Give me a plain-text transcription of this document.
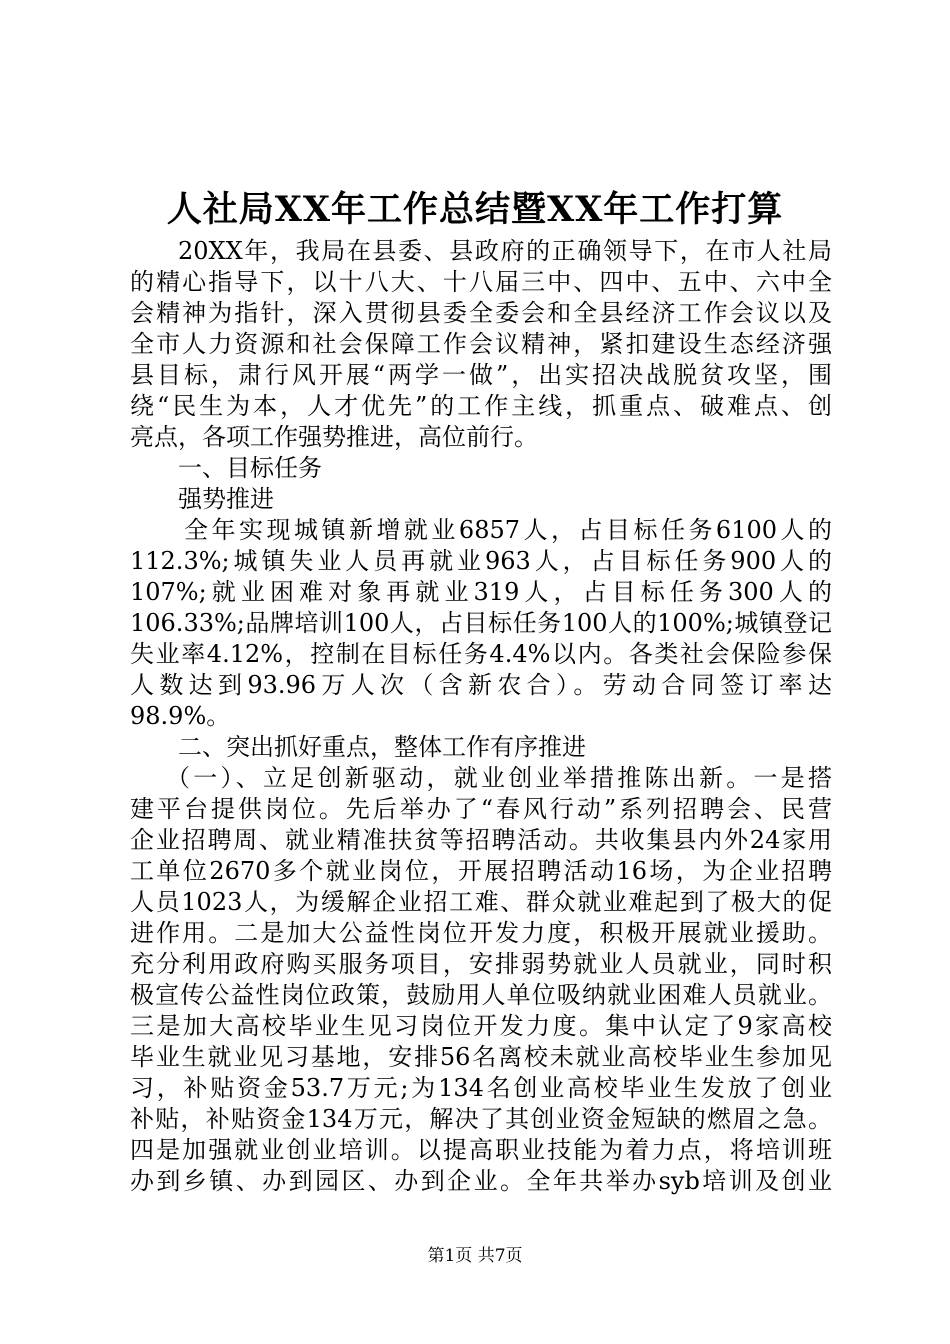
人社局XX年工作总结暨XX年工作打算
20XX年，我局在县委、县政府的正确领导下，在市人社局
的精心指导下，以十八大、十八届三中、四中、五中、六中全
会精神为指针，深入贯彻县委全委会和全县经济工作会议以及
全市人力资源和社会保障工作会议精神，紧扣建设生态经济强
县目标，肃行风开展“两学一做”，出实招决战脱贫攻坚，围
绕“民生为本，人才优先”的工作主线，抓重点、破难点、创
亮点，各项工作强势推进，高位前行。
一、目标任务
强势推进
全年实现城镇新增就业6857人，占目标任务6100人的
112.3%;城镇失业人员再就业963人，占目标任务900人的
107%;就业困难对象再就业319人，占目标任务300人的
106.33%;品牌培训100人，占目标任务100人的100%;城镇登记
失业率4.12%，控制在目标任务4.4%以内。各类社会保险参保
人数达到93.96万人次（含新农合）。劳动合同签订率达
98.9%。
二、突出抓好重点，整体工作有序推进
（一）、立足创新驱动，就业创业举措推陈出新。一是搭
建平台提供岗位。先后举办了“春风行动”系列招聘会、民营
企业招聘周、就业精准扶贫等招聘活动。共收集县内外24家用
工单位2670多个就业岗位，开展招聘活动16场，为企业招聘
人员1023人，为缓解企业招工难、群众就业难起到了极大的促
进作用。二是加大公益性岗位开发力度，积极开展就业援助。
充分利用政府购买服务项目，安排弱势就业人员就业，同时积
极宣传公益性岗位政策，鼓励用人单位吸纳就业困难人员就业。
三是加大高校毕业生见习岗位开发力度。集中认定了9家高校
毕业生就业见习基地，安排56名离校未就业高校毕业生参加见
习，补贴资金53.7万元;为134名创业高校毕业生发放了创业
补贴，补贴资金134万元，解决了其创业资金短缺的燃眉之急。
四是加强就业创业培训。以提高职业技能为着力点，将培训班
办到乡镇、办到园区、办到企业。全年共举办syb培训及创业
第1页 共7页
